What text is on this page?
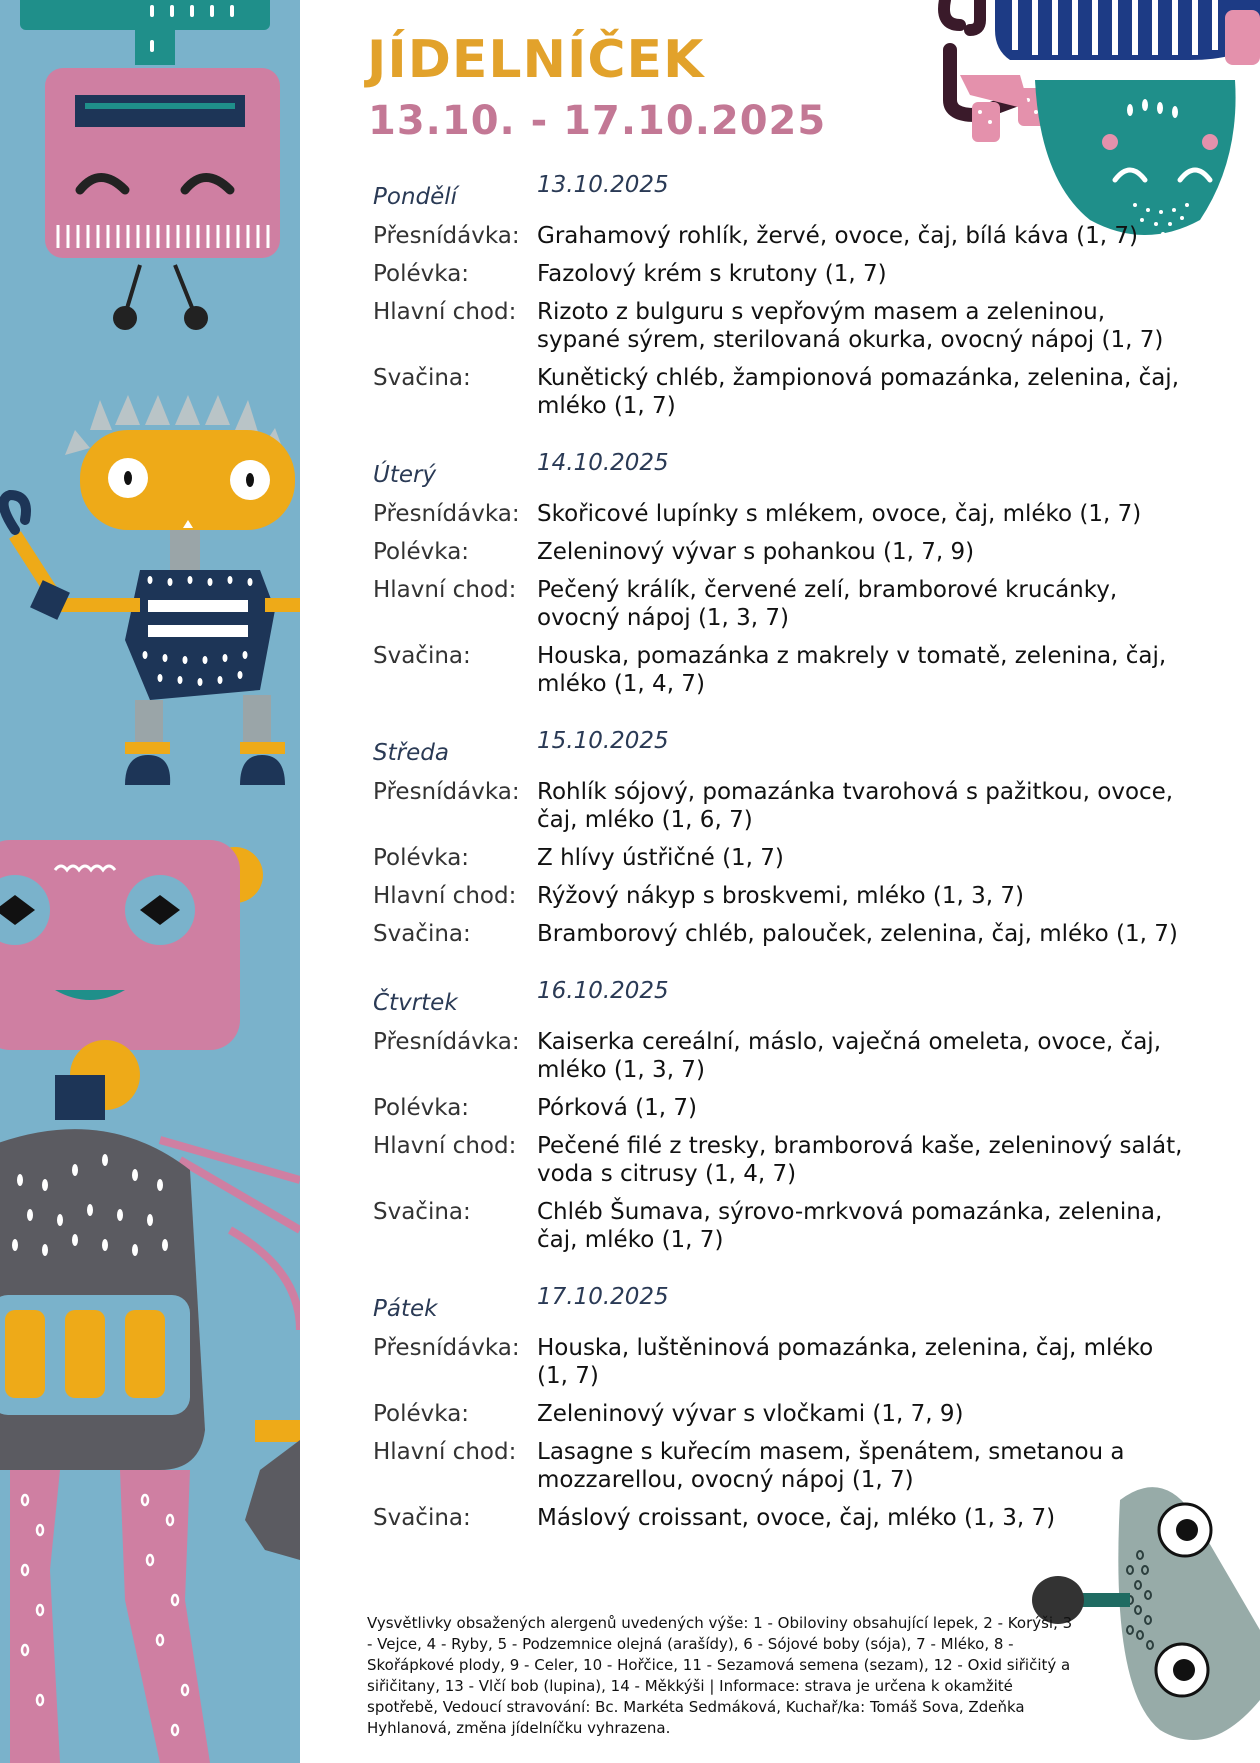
JÍDELNÍČEK
13.10. - 17.10.2025
Pondělí	13.10.2025
Přesnídávka: Grahamový rohlík, žervé, ovoce, čaj, bílá káva (1, 7)
Polévka:	Fazolový krém s krutony (1, 7)
Hlavní chod: Rizoto z bulguru s vepřovým masem a zeleninou, sypané sýrem, sterilovaná okurka, ovocný nápoj (1, 7)
Svačina:	Kunětický chléb, žampionová pomazánka, zelenina, čaj, mléko (1, 7)
Úterý	14.10.2025
Přesnídávka: Skořicové lupínky s mlékem, ovoce, čaj, mléko (1, 7)
Polévka:	Zeleninový vývar s pohankou (1, 7, 9)
Hlavní chod: Pečený králík, červené zelí, bramborové krucánky, ovocný nápoj (1, 3, 7)
Svačina:	Houska, pomazánka z makrely v tomatě, zelenina, čaj, mléko (1, 4, 7)
Středa	15.10.2025
Přesnídávka: Rohlík sójový, pomazánka tvarohová s pažitkou, ovoce, čaj, mléko (1, 6, 7)
Polévka:	Z hlívy ústřičné (1, 7)
Hlavní chod: Rýžový nákyp s broskvemi, mléko (1, 3, 7)
Svačina:	Bramborový chléb, palouček, zelenina, čaj, mléko (1, 7)
Čtvrtek	16.10.2025
Přesnídávka: Kaiserka cereální, máslo, vaječná omeleta, ovoce, čaj, mléko (1, 3, 7)
Polévka:	Pórková (1, 7)
Hlavní chod: Pečené filé z tresky, bramborová kaše, zeleninový salát, voda s citrusy (1, 4, 7)
Svačina:	Chléb Šumava, sýrovo-mrkvová pomazánka, zelenina, čaj, mléko (1, 7)
Pátek	17.10.2025
Přesnídávka: Houska, luštěninová pomazánka, zelenina, čaj, mléko (1, 7)
Polévka:	Zeleninový vývar s vločkami (1, 7, 9)
Hlavní chod: Lasagne s kuřecím masem, špenátem, smetanou a mozzarellou, ovocný nápoj (1, 7)
Svačina:	Máslový croissant, ovoce, čaj, mléko (1, 3, 7)
Vysvětlivky obsažených alergenů uvedených výše: 1 - Obiloviny obsahující lepek, 2 - Korýši, 3 - Vejce, 4 - Ryby, 5 - Podzemnice olejná (arašídy), 6 - Sójové boby (sója), 7 - Mléko, 8 - Skořápkové plody, 9 - Celer, 10 - Hořčice, 11 - Sezamová semena (sezam), 12 - Oxid siřičitý a siřičitany, 13 - Vlčí bob (lupina), 14 - Měkkýši | Informace: strava je určena k okamžité spotřebě, Vedoucí stravování: Bc. Markéta Sedmáková, Kuchař/ka: Tomáš Sova, Zdeňka Hyhlanová, změna jídelníčku vyhrazena.
